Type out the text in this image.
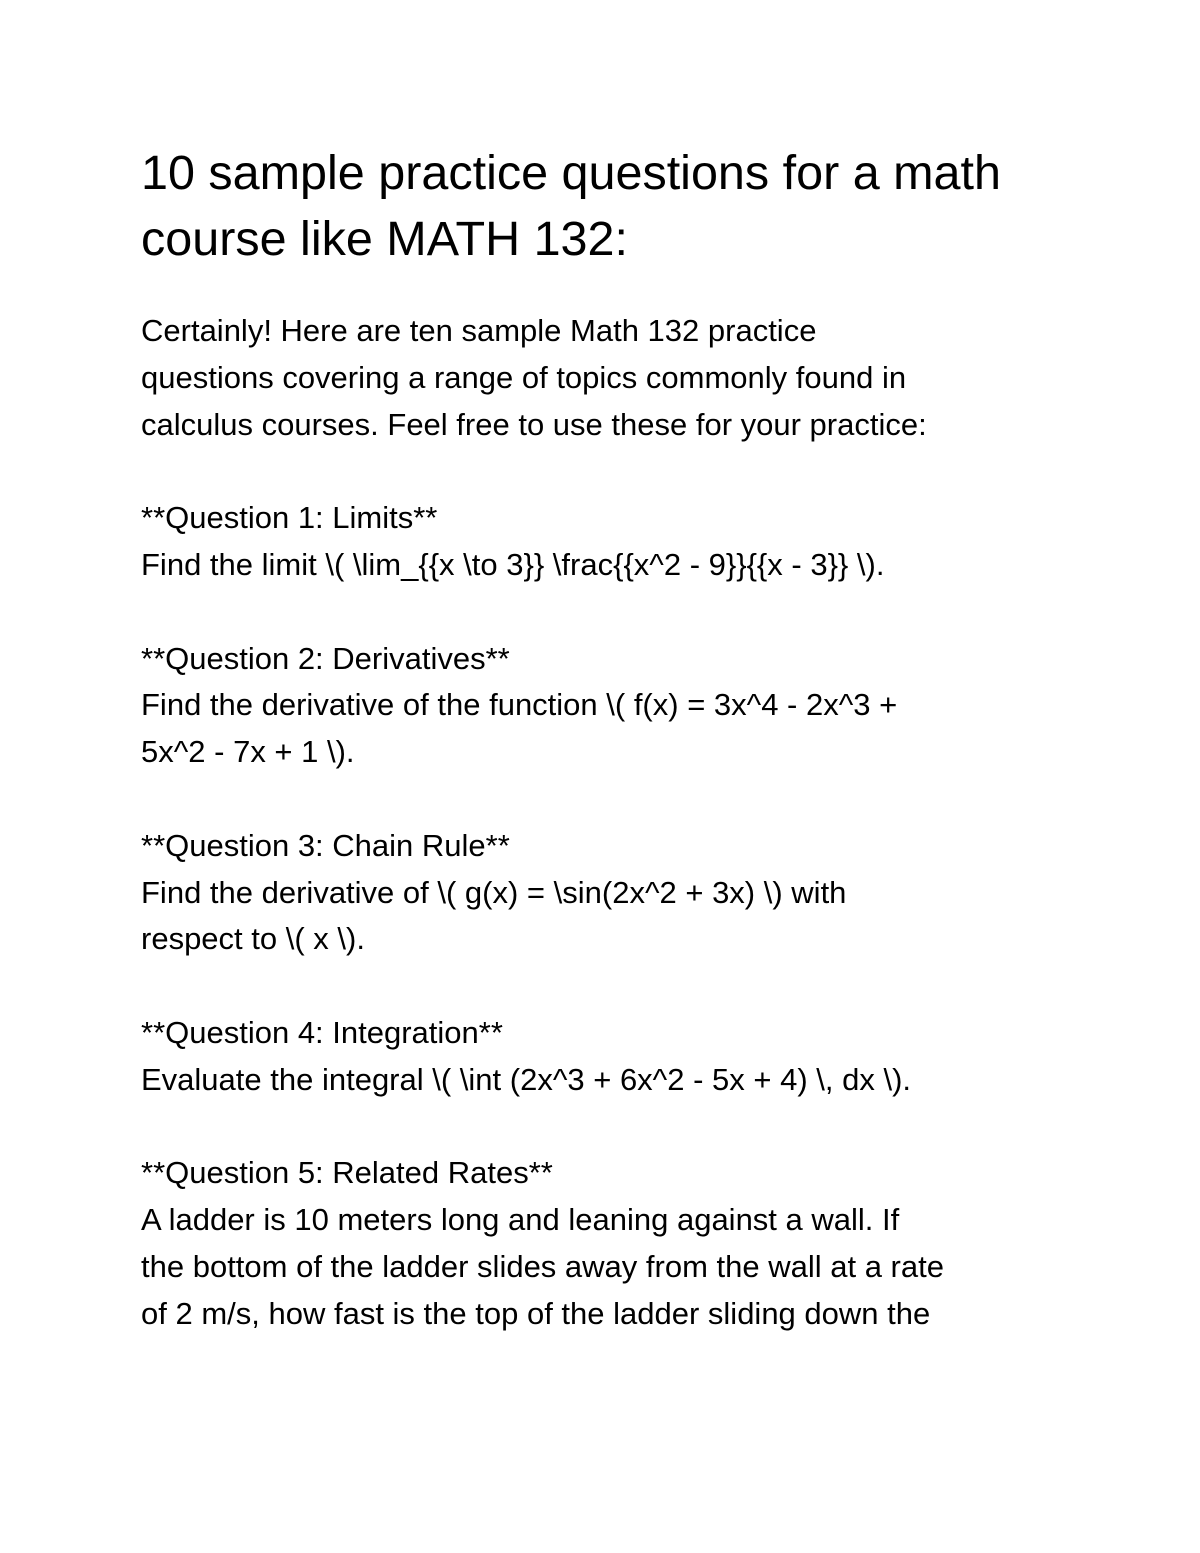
10 sample practice questions for a math
course like MATH 132:
Certainly! Here are ten sample Math 132 practice
questions covering a range of topics commonly found in
calculus courses. Feel free to use these for your practice:
**Question 1: Limits**
Find the limit \( \lim_{{x \to 3}} \frac{{x^2 - 9}}{{x - 3}} \).
**Question 2: Derivatives**
Find the derivative of the function \( f(x) = 3x^4 - 2x^3 +
5x^2 - 7x + 1 \).
**Question 3: Chain Rule**
Find the derivative of \( g(x) = \sin(2x^2 + 3x) \) with
respect to \( x \).
**Question 4: Integration**
Evaluate the integral \( \int (2x^3 + 6x^2 - 5x + 4) \, dx \).
**Question 5: Related Rates**
A ladder is 10 meters long and leaning against a wall. If
the bottom of the ladder slides away from the wall at a rate
of 2 m/s, how fast is the top of the ladder sliding down the
